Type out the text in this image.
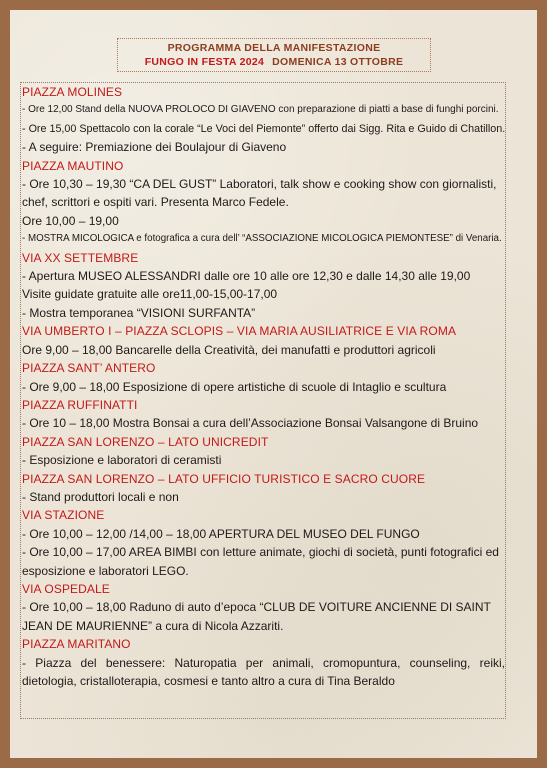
PROGRAMMA DELLA MANIFESTAZIONE
FUNGO IN FESTA 2024 DOMENICA 13 OTTOBRE
PIAZZA MOLINES
- Ore 12,00 Stand della NUOVA PROLOCO DI GIAVENO con preparazione di piatti a base di funghi porcini.
- Ore 15,00 Spettacolo con la corale “Le Voci del Piemonte” offerto dai Sigg. Rita e Guido di Chatillon.
- A seguire: Premiazione dei Boulajour di Giaveno
PIAZZA MAUTINO
- Ore 10,30 – 19,30 “CA DEL GUST” Laboratori, talk show e cooking show con giornalisti, chef, scrittori e ospiti vari. Presenta Marco Fedele.
Ore 10,00 – 19,00
- MOSTRA MICOLOGICA e fotografica a cura dell’ “ASSOCIAZIONE MICOLOGICA PIEMONTESE” di Venaria.
VIA XX SETTEMBRE
- Apertura MUSEO ALESSANDRI dalle ore 10 alle ore 12,30 e dalle 14,30 alle 19,00
Visite guidate gratuite alle ore11,00-15,00-17,00
- Mostra temporanea “VISIONI SURFANTA”
VIA UMBERTO I – PIAZZA SCLOPIS – VIA MARIA AUSILIATRICE E VIA ROMA
Ore 9,00 – 18,00 Bancarelle della Creatività, dei manufatti e produttori agricoli
PIAZZA SANT’ ANTERO
- Ore 9,00 – 18,00 Esposizione di opere artistiche di scuole di Intaglio e scultura
PIAZZA RUFFINATTI
- Ore 10 – 18,00 Mostra Bonsai a cura dell’Associazione Bonsai Valsangone di Bruino
PIAZZA SAN LORENZO – LATO UNICREDIT
- Esposizione e laboratori di ceramisti
PIAZZA SAN LORENZO – LATO UFFICIO TURISTICO E SACRO CUORE
- Stand produttori locali e non
VIA STAZIONE
- Ore 10,00 – 12,00 /14,00 – 18,00 APERTURA DEL MUSEO DEL FUNGO
- Ore 10,00 – 17,00 AREA BIMBI con letture animate, giochi di società, punti fotografici ed esposizione e laboratori LEGO.
VIA OSPEDALE
- Ore 10,00 – 18,00 Raduno di auto d’epoca “CLUB DE VOITURE ANCIENNE DI SAINT JEAN DE MAURIENNE” a cura di Nicola Azzariti.
PIAZZA MARITANO
- Piazza del benessere: Naturopatia per animali, cromopuntura, counseling, reiki, dietologia, cristalloterapia, cosmesi e tanto altro a cura di Tina Beraldo
